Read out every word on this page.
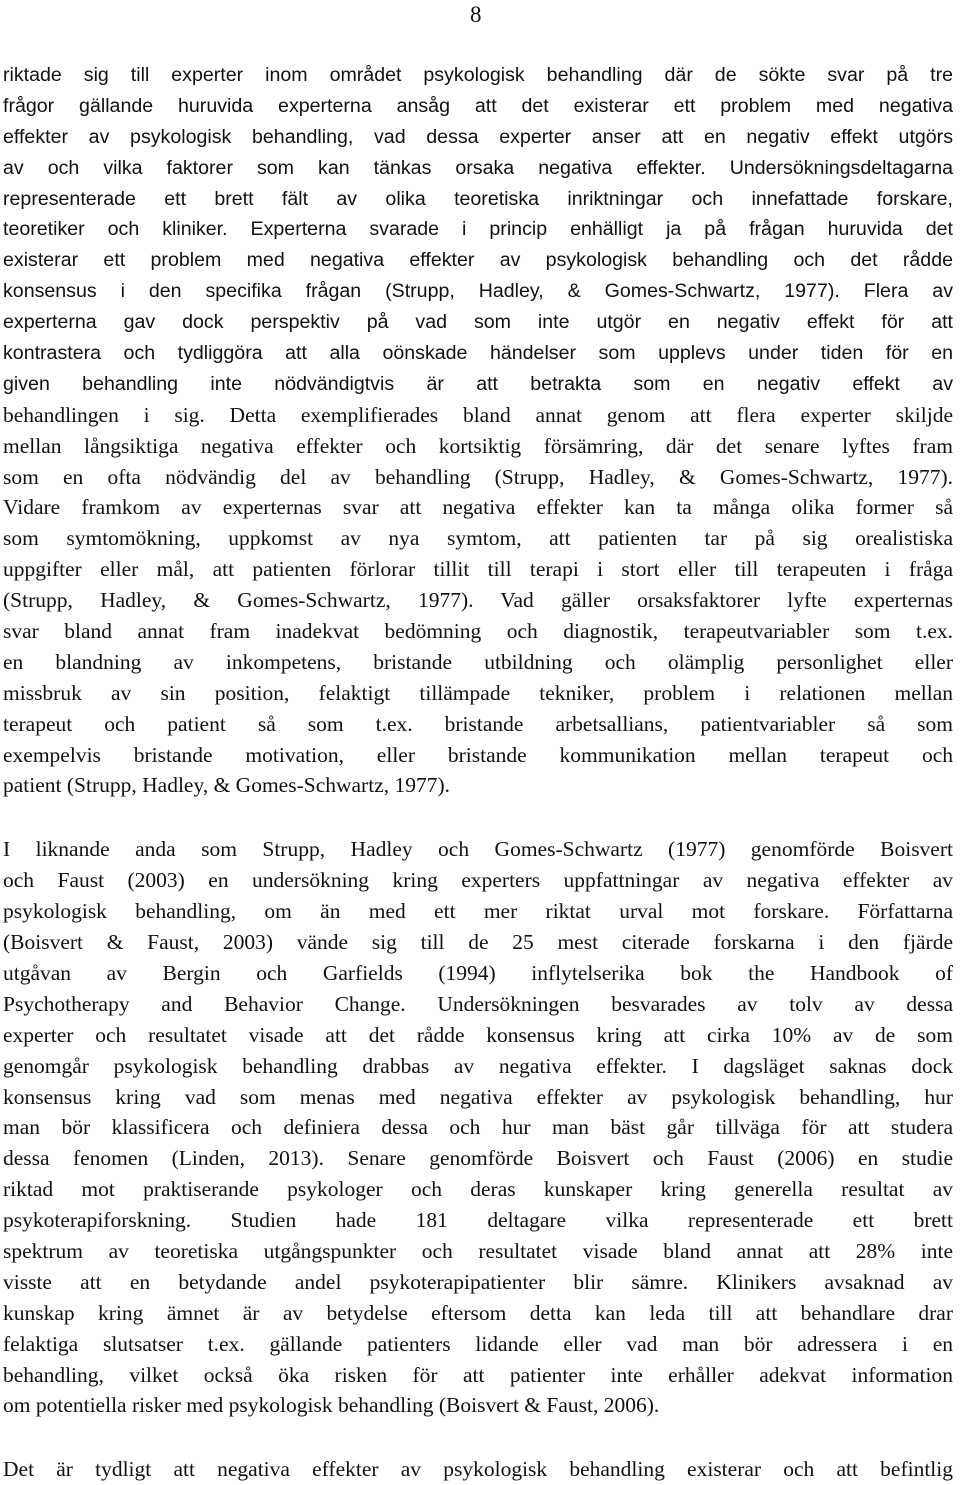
8

riktade sig till experter inom området psykologisk behandling där de sökte svar på tre
frågor gällande huruvida experterna ansåg att det existerar ett problem med negativa
effekter av psykologisk behandling, vad dessa experter anser att en negativ effekt utgörs
av och vilka faktorer som kan tänkas orsaka negativa effekter. Undersökningsdeltagarna
representerade ett brett fält av olika teoretiska inriktningar och innefattade forskare,
teoretiker och kliniker. Experterna svarade i princip enhälligt ja på frågan huruvida det
existerar ett problem med negativa effekter av psykologisk behandling och det rådde
konsensus i den specifika frågan (Strupp, Hadley, & Gomes-Schwartz, 1977). Flera av
experterna gav dock perspektiv på vad som inte utgör en negativ effekt för att
kontrastera och tydliggöra att alla oönskade händelser som upplevs under tiden för en
given behandling inte nödvändigtvis är att betrakta som en negativ effekt av
behandlingen i sig. Detta exemplifierades bland annat genom att flera experter skiljde
mellan långsiktiga negativa effekter och kortsiktig försämring, där det senare lyftes fram
som en ofta nödvändig del av behandling (Strupp, Hadley, & Gomes-Schwartz, 1977).
Vidare framkom av experternas svar att negativa effekter kan ta många olika former så
som symtomökning, uppkomst av nya symtom, att patienten tar på sig orealistiska
uppgifter eller mål, att patienten förlorar tillit till terapi i stort eller till terapeuten i fråga
(Strupp, Hadley, & Gomes-Schwartz, 1977). Vad gäller orsaksfaktorer lyfte experternas
svar bland annat fram inadekvat bedömning och diagnostik, terapeutvariabler som t.ex.
en blandning av inkompetens, bristande utbildning och olämplig personlighet eller
missbruk av sin position, felaktigt tillämpade tekniker, problem i relationen mellan
terapeut och patient så som t.ex. bristande arbetsallians, patientvariabler så som
exempelvis bristande motivation, eller bristande kommunikation mellan terapeut och
patient (Strupp, Hadley, & Gomes-Schwartz, 1977).

I liknande anda som Strupp, Hadley och Gomes-Schwartz (1977) genomförde Boisvert
och Faust (2003) en undersökning kring experters uppfattningar av negativa effekter av
psykologisk behandling, om än med ett mer riktat urval mot forskare. Författarna
(Boisvert & Faust, 2003) vände sig till de 25 mest citerade forskarna i den fjärde
utgåvan av Bergin och Garfields (1994) inflytelserika bok the Handbook of
Psychotherapy and Behavior Change. Undersökningen besvarades av tolv av dessa
experter och resultatet visade att det rådde konsensus kring att cirka 10% av de som
genomgår psykologisk behandling drabbas av negativa effekter. I dagsläget saknas dock
konsensus kring vad som menas med negativa effekter av psykologisk behandling, hur
man bör klassificera och definiera dessa och hur man bäst går tillväga för att studera
dessa fenomen (Linden, 2013). Senare genomförde Boisvert och Faust (2006) en studie
riktad mot praktiserande psykologer och deras kunskaper kring generella resultat av
psykoterapiforskning. Studien hade 181 deltagare vilka representerade ett brett
spektrum av teoretiska utgångspunkter och resultatet visade bland annat att 28% inte
visste att en betydande andel psykoterapipatienter blir sämre. Klinikers avsaknad av
kunskap kring ämnet är av betydelse eftersom detta kan leda till att behandlare drar
felaktiga slutsatser t.ex. gällande patienters lidande eller vad man bör adressera i en
behandling, vilket också öka risken för att patienter inte erhåller adekvat information
om potentiella risker med psykologisk behandling (Boisvert & Faust, 2006).

Det är tydligt att negativa effekter av psykologisk behandling existerar och att befintlig
